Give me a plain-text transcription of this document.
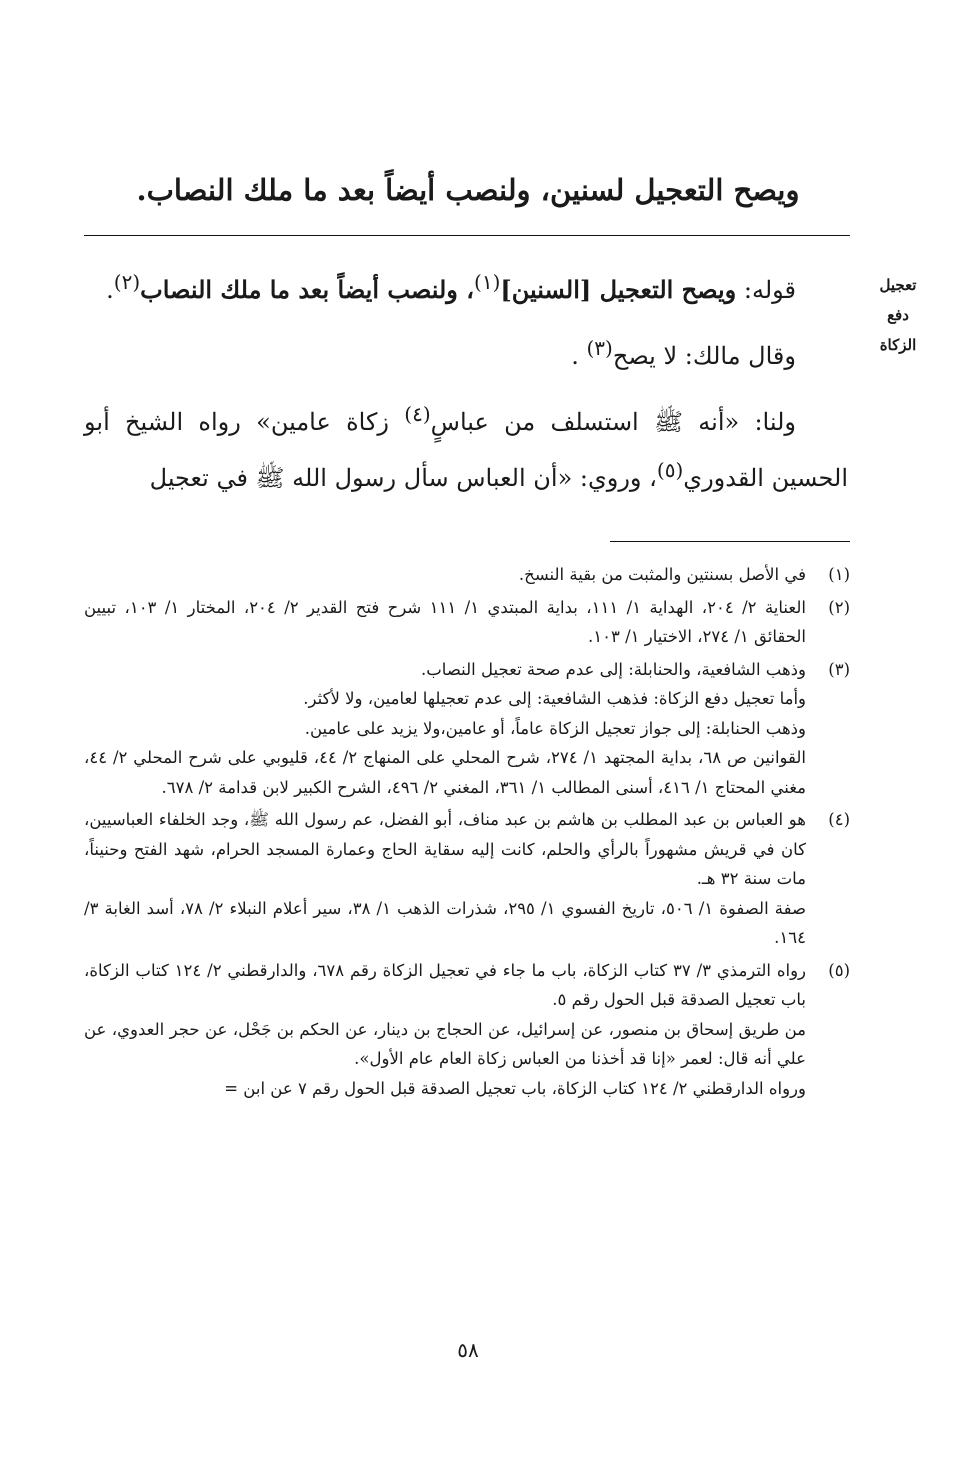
ويصح التعجيل لسنين، ولنصب أيضاً بعد ما ملك النصاب.
تعجيل
دفع
الزكاة

قوله: ويصح التعجيل [السنين]$^{(١)}$، ولنصب أيضاً بعد ما ملك النصاب$^{(٢)}$.

وقال مالك: لا يصح$^{(٣)}$ .

ولنا: «أنه ﷺ استسلف من عباسٍ$^{(٤)}$ زكاة عامين» رواه الشيخ أبو الحسين القدوري$^{(٥)}$، وروي: «أن العباس سأل رسول الله ﷺ في تعجيل

(١)
في الأصل بسنتين والمثبت من بقية النسخ.
(٢)
العناية ٢/ ٢٠٤، الهداية ١/ ١١١، بداية المبتدي ١/ ١١١ شرح فتح القدير ٢/ ٢٠٤، المختار ١/ ١٠٣، تبيين الحقائق ١/ ٢٧٤، الاختيار ١/ ١٠٣.
(٣)
وذهب الشافعية، والحنابلة: إلى عدم صحة تعجيل النصاب.
وأما تعجيل دفع الزكاة: فذهب الشافعية: إلى عدم تعجيلها لعامين، ولا لأكثر.
وذهب الحنابلة: إلى جواز تعجيل الزكاة عاماً، أو عامين،ولا يزيد على عامين.
القوانين ص ٦٨، بداية المجتهد ١/ ٢٧٤، شرح المحلي على المنهاج ٢/ ٤٤، قليوبي على شرح المحلي ٢/ ٤٤، مغني المحتاج ١/ ٤١٦، أسنى المطالب ١/ ٣٦١، المغني ٢/ ٤٩٦، الشرح الكبير لابن قدامة ٢/ ٦٧٨.
(٤)
هو العباس بن عبد المطلب بن هاشم بن عبد مناف، أبو الفضل، عم رسول الله ﷺ، وجد الخلفاء العباسيين، كان في قريش مشهوراً بالرأي والحلم، كانت إليه سقاية الحاج وعمارة المسجد الحرام، شهد الفتح وحنيناً، مات سنة ٣٢ هـ.
صفة الصفوة ١/ ٥٠٦، تاريخ الفسوي ١/ ٢٩٥، شذرات الذهب ١/ ٣٨، سير أعلام النبلاء ٢/ ٧٨، أسد الغابة ٣/ ١٦٤.
(٥)
رواه الترمذي ٣/ ٣٧ كتاب الزكاة، باب ما جاء في تعجيل الزكاة رقم ٦٧٨، والدارقطني ٢/ ١٢٤ كتاب الزكاة، باب تعجيل الصدقة قبل الحول رقم ٥.
من طريق إسحاق بن منصور، عن إسرائيل، عن الحجاج بن دينار، عن الحكم بن جَحْل، عن حجر العدوي، عن علي أنه قال: لعمر «إنا قد أخذنا من العباس زكاة العام عام الأول».
ورواه الدارقطني ٢/ ١٢٤ كتاب الزكاة، باب تعجيل الصدقة قبل الحول رقم ٧ عن ابن =
٥٨
